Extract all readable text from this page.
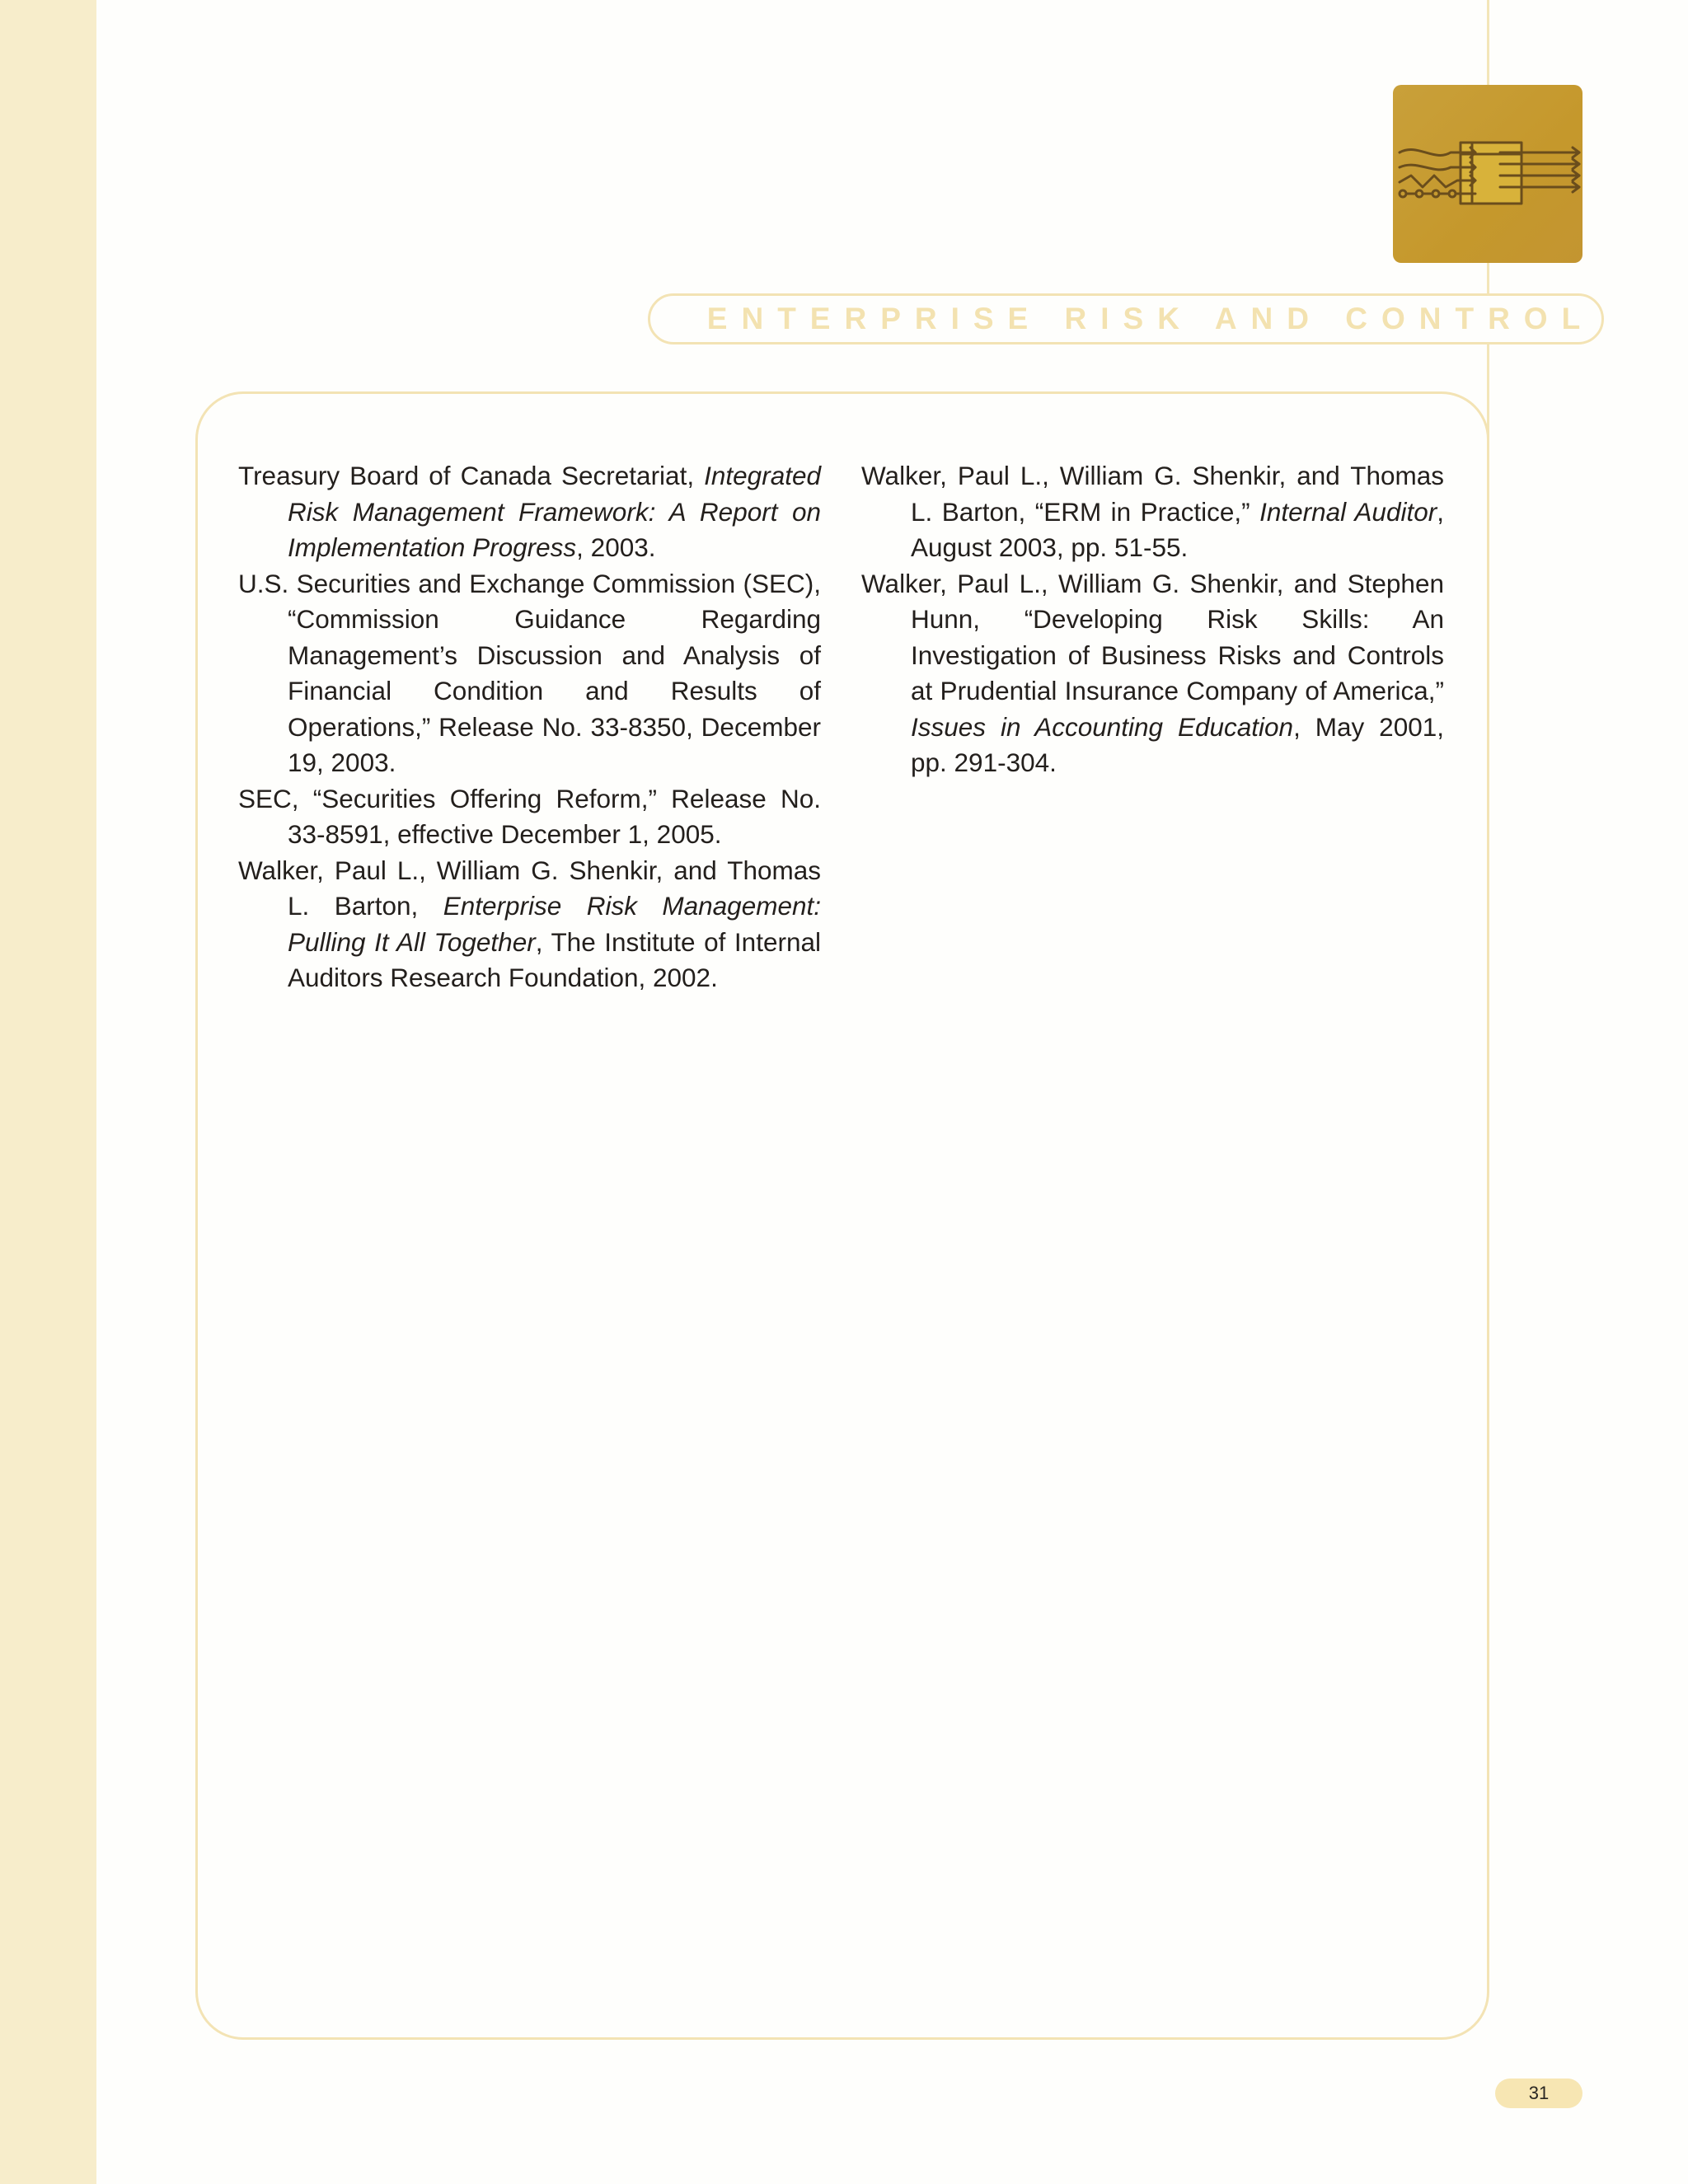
ENTERPRISE RISK AND CONTROL

Treasury Board of Canada Secretariat, Integrated Risk Management Framework: A Report on Implementation Progress, 2003.

U.S. Securities and Exchange Commission (SEC), “Commission Guidance Regarding Management’s Discussion and Analysis of Financial Condition and Results of Operations,” Release No. 33-8350, December 19, 2003.

SEC, “Securities Offering Reform,” Release No. 33-8591, effective December 1, 2005.

Walker, Paul L., William G. Shenkir, and Thomas L. Barton, Enterprise Risk Management: Pulling It All Together, The Institute of Internal Auditors Research Foundation, 2002.

Walker, Paul L., William G. Shenkir, and Thomas L. Barton, “ERM in Practice,” Internal Auditor, August 2003, pp. 51-55.

Walker, Paul L., William G. Shenkir, and Stephen Hunn, “Developing Risk Skills: An Investigation of Business Risks and Controls at Prudential Insurance Company of America,” Issues in Accounting Education, May 2001, pp. 291-304.

31
